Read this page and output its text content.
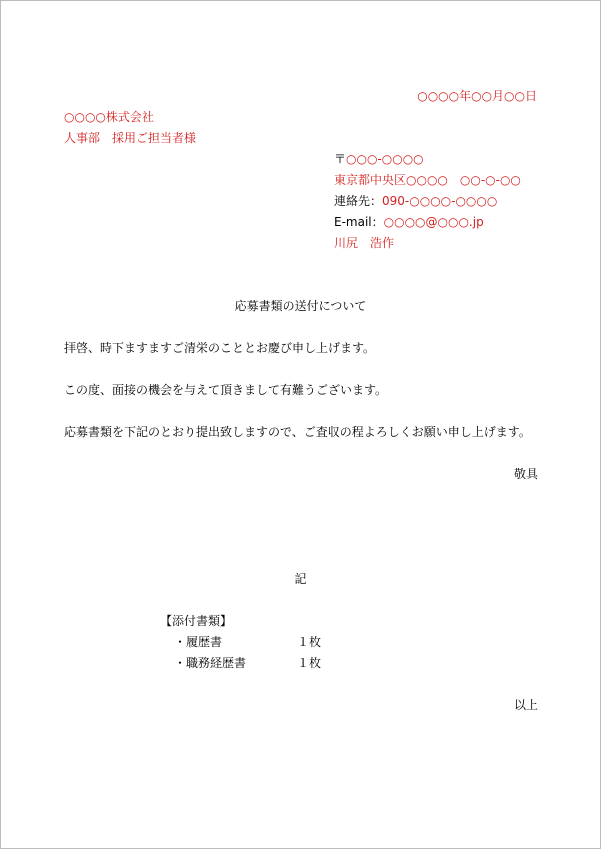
○○○○年○○月○○日
○○○○株式会社
人事部　採用ご担当者様
〒○○○-○○○○
東京都中央区○○○○　○○-○-○○
連絡先：090-○○○○-○○○○
E-mail：○○○○@○○○.jp
川尻　浩作
応募書類の送付について
拝啓、時下ますますご清栄のこととお慶び申し上げます。
この度、面接の機会を与えて頂きまして有難うございます。
応募書類を下記のとおり提出致しますので、ご査収の程よろしくお願い申し上げます。
敬具
記
【添付書類】
・履歴書	１枚
・職務経歴書	１枚
以上
